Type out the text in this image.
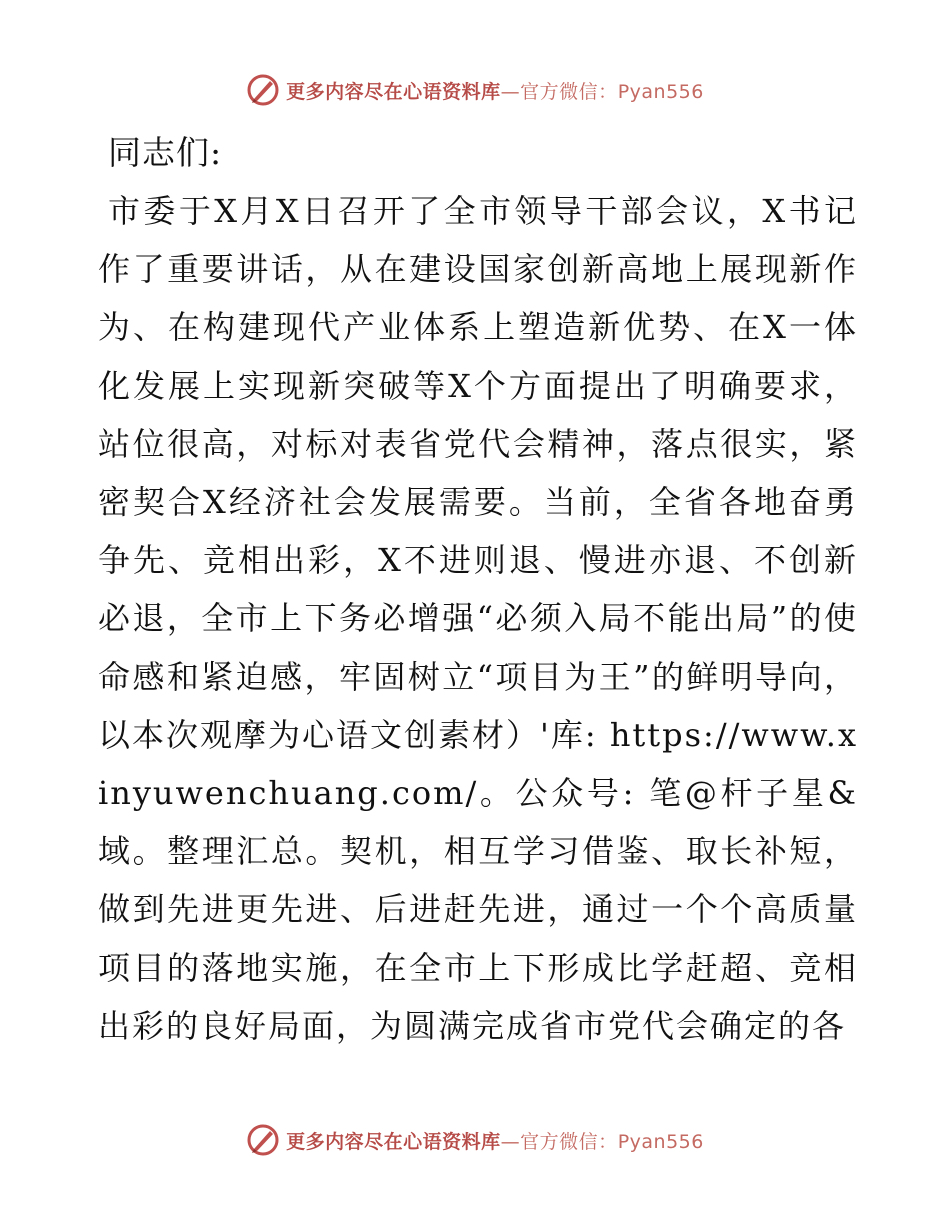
更多内容尽在心语资料库—官方微信：Pyan556

同志们:

市委于X月X日召开了全市领导干部会议，X书记作了重要讲话，从在建设国家创新高地上展现新作为、在构建现代产业体系上塑造新优势、在X一体化发展上实现新突破等X个方面提出了明确要求，站位很高，对标对表省党代会精神，落点很实，紧密契合X经济社会发展需要。当前，全省各地奋勇争先、竞相出彩，X不进则退、慢进亦退、不创新必退，全市上下务必增强“必须入局不能出局”的使命感和紧迫感，牢固树立“项目为王”的鲜明导向，以本次观摩为心语文创素材）'库: https://www.xinyuwenchuang.com/。公众号: 笔@杆子星&域。整理汇总。契机，相互学习借鉴、取长补短，做到先进更先进、后进赶先进，通过一个个高质量项目的落地实施，在全市上下形成比学赶超、竞相出彩的良好局面，为圆满完成省市党代会确定的各

更多内容尽在心语资料库—官方微信：Pyan556
